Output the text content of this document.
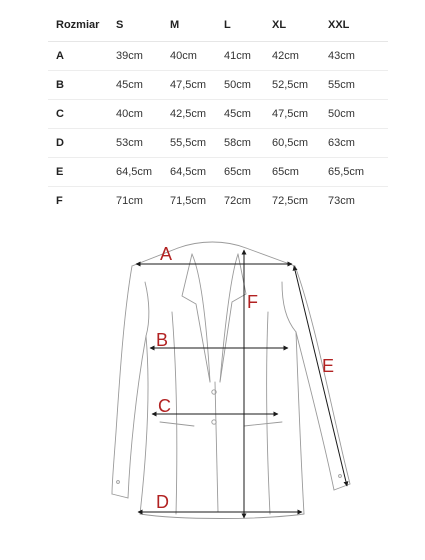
Rozmiar	S	M	L	XL	XXL
A	39cm	40cm	41cm	42cm	43cm
B	45cm	47,5cm	50cm	52,5cm	55cm
C	40cm	42,5cm	45cm	47,5cm	50cm
D	53cm	55,5cm	58cm	60,5cm	63cm
E	64,5cm	64,5cm	65cm	65cm	65,5cm
F	71cm	71,5cm	72cm	72,5cm	73cm
A
B
C
D
E
F
